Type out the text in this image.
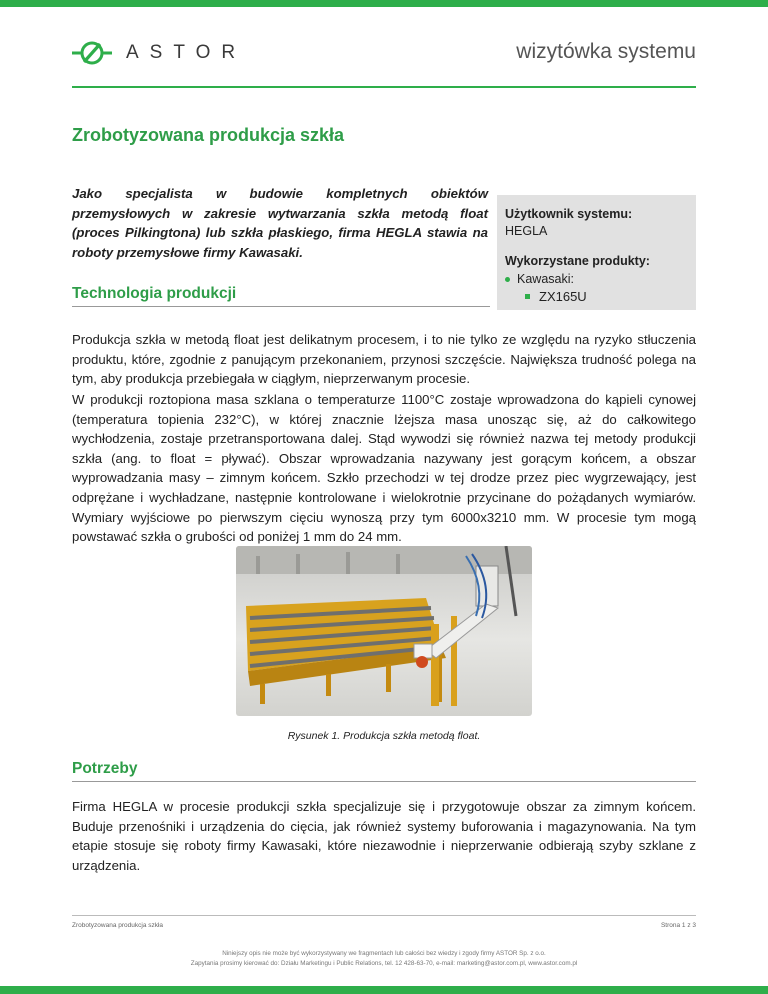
ASTOR	wizytówka systemu
Zrobotyzowana produkcja szkła
Jako specjalista w budowie kompletnych obiektów przemysłowych w zakresie wytwarzania szkła metodą float (proces Pilkingtona) lub szkła płaskiego, firma HEGLA stawia na roboty przemysłowe firmy Kawasaki.
Użytkownik systemu:
HEGLA
Wykorzystane produkty:
Kawasaki:
ZX165U
Technologia produkcji
Produkcja szkła w metodą float jest delikatnym procesem, i to nie tylko ze względu na ryzyko stłuczenia produktu, które, zgodnie z panującym przekonaniem, przynosi szczęście. Największa trudność polega na tym, aby produkcja przebiegała w ciągłym, nieprzerwanym procesie.
W produkcji roztopiona masa szklana o temperaturze 1100°C zostaje wprowadzona do kąpieli cynowej (temperatura topienia 232°C), w której znacznie lżejsza masa unosząc się, aż do całkowitego wychłodzenia, zostaje przetransportowana dalej. Stąd wywodzi się również nazwa tej metody produkcji szkła (ang. to float = pływać). Obszar wprowadzania nazywany jest gorącym końcem, a obszar wyprowadzania masy – zimnym końcem. Szkło przechodzi w tej drodze przez piec wygrzewający, jest odprężane i wychładzane, następnie kontrolowane i wielokrotnie przycinane do pożądanych wymiarów. Wymiary wyjściowe po pierwszym cięciu wynoszą przy tym 6000x3210 mm. W procesie tym mogą powstawać szkła o grubości od poniżej 1 mm do 24 mm.
Rysunek 1. Produkcja szkła metodą float.
Potrzeby
Firma HEGLA w procesie produkcji szkła specjalizuje się i przygotowuje obszar za zimnym końcem. Buduje przenośniki i urządzenia do cięcia, jak również systemy buforowania i magazynowania. Na tym etapie stosuje się roboty firmy Kawasaki, które niezawodnie i nieprzerwanie odbierają szyby szklane z urządzenia.
Zrobotyzowana produkcja szkła	Strona 1 z 3
Niniejszy opis nie może być wykorzystywany we fragmentach lub całości bez wiedzy i zgody firmy ASTOR Sp. z o.o.
Zapytania prosimy kierować do: Działu Marketingu i Public Relations, tel. 12 428-63-70, e-mail: marketing@astor.com.pl, www.astor.com.pl
